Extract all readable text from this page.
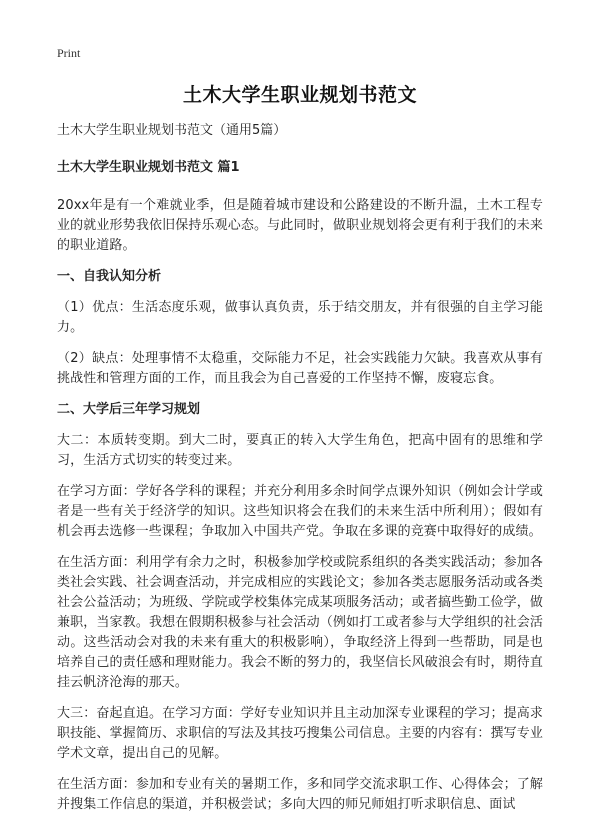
Print
土木大学生职业规划书范文
土木大学生职业规划书范文（通用5篇）
土木大学生职业规划书范文 篇1

20xx年是有一个难就业季，但是随着城市建设和公路建设的不断升温，土木工程专业的就业形势我依旧保持乐观心态。与此同时，做职业规划将会更有利于我们的未来的职业道路。

一、自我认知分析

（1）优点：生活态度乐观，做事认真负责，乐于结交朋友，并有很强的自主学习能力。

（2）缺点：处理事情不太稳重，交际能力不足，社会实践能力欠缺。我喜欢从事有挑战性和管理方面的工作，而且我会为自己喜爱的工作坚持不懈，废寝忘食。

二、大学后三年学习规划

大二：本质转变期。到大二时，要真正的转入大学生角色，把高中固有的思维和学习，生活方式切实的转变过来。

在学习方面：学好各学科的课程；并充分利用多余时间学点课外知识（例如会计学或者是一些有关于经济学的知识。这些知识将会在我们的未来生活中所利用）；假如有机会再去选修一些课程；争取加入中国共产党。争取在多课的竞赛中取得好的成绩。

在生活方面：利用学有余力之时，积极参加学校或院系组织的各类实践活动；参加各类社会实践、社会调查活动，并完成相应的实践论文；参加各类志愿服务活动或各类社会公益活动；为班级、学院或学校集体完成某项服务活动；或者搞些勤工俭学，做兼职，当家教。我想在假期积极参与社会活动（例如打工或者参与大学组织的社会活动。这些活动会对我的未来有重大的积极影响），争取经济上得到一些帮助，同是也培养自己的责任感和理财能力。我会不断的努力的，我坚信长风破浪会有时，期待直挂云帆济沧海的那天。

大三：奋起直追。在学习方面：学好专业知识并且主动加深专业课程的学习；提高求职技能、掌握简历、求职信的写法及其技巧搜集公司信息。主要的内容有：撰写专业学术文章，提出自己的见解。

在生活方面：参加和专业有关的暑期工作，多和同学交流求职工作、心得体会；了解并搜集工作信息的渠道，并积极尝试；多向大四的师兄师姐打听求职信息、面试
